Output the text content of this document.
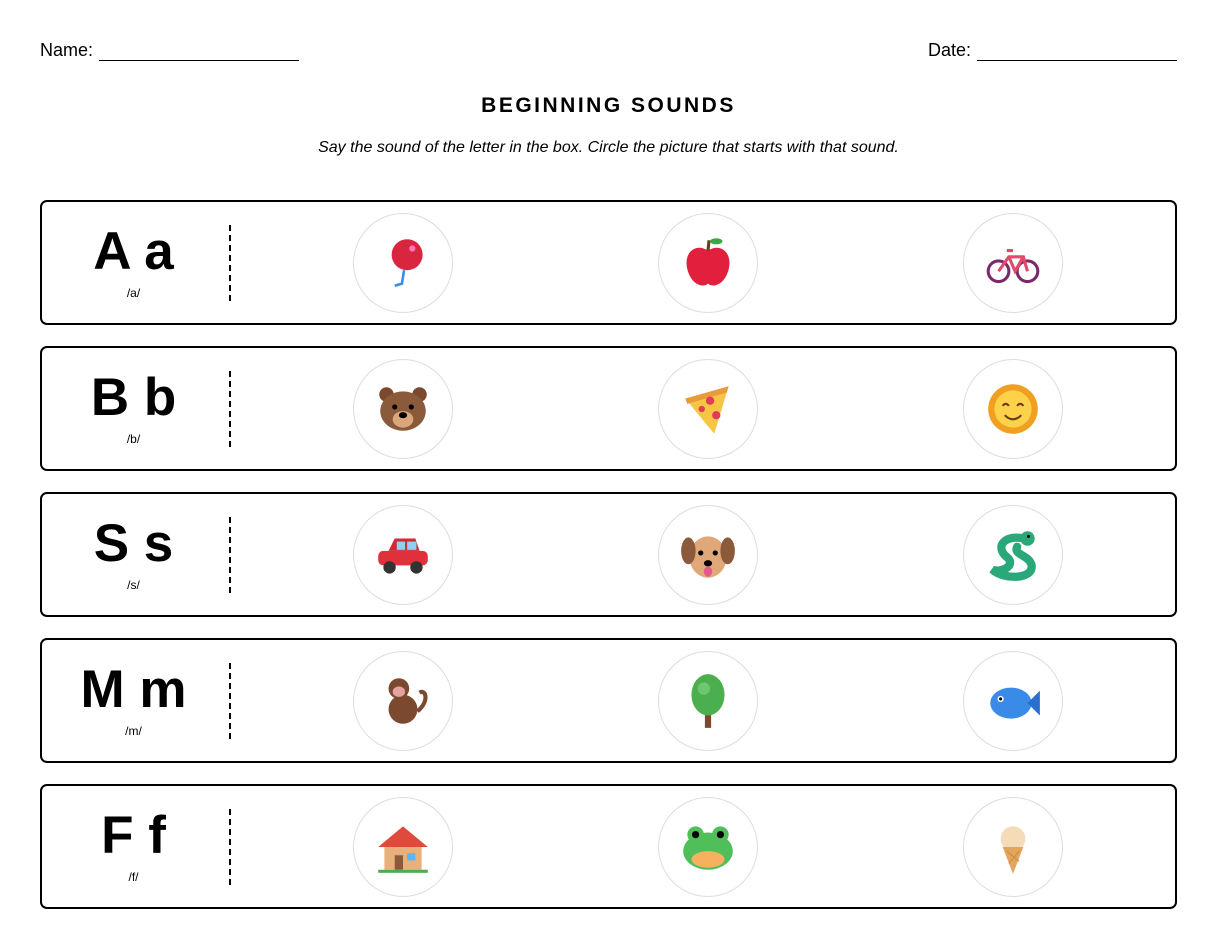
Name:	Date:
BEGINNING SOUNDS
Say the sound of the letter in the box. Circle the picture that starts with that sound.
A a
/a/
B b
/b/
S s
/s/
M m
/m/
F f
/f/
